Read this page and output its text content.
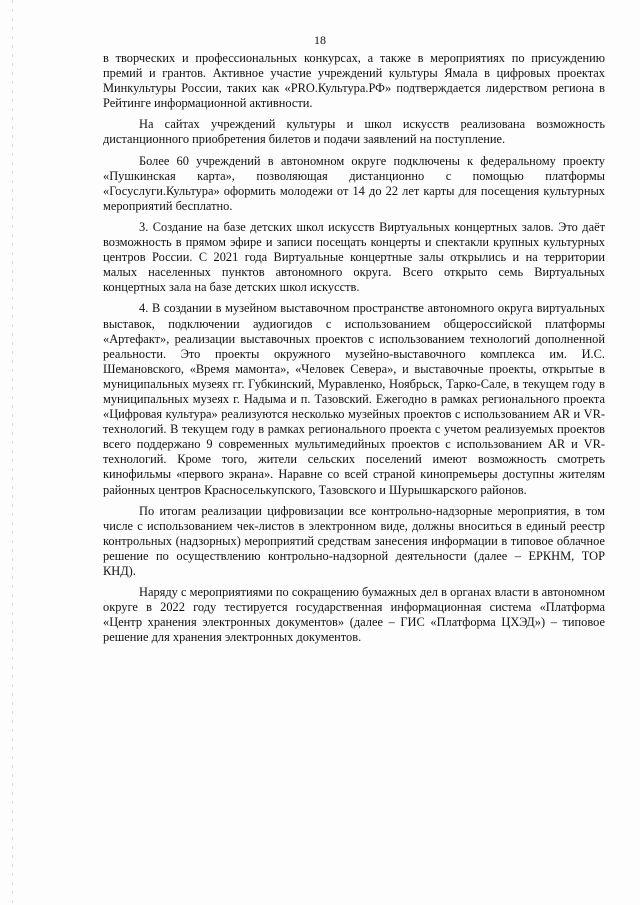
18

в творческих и профессиональных конкурсах, а также в мероприятиях по присуждению премий и грантов. Активное участие учреждений культуры Ямала в цифровых проектах Минкультуры России, таких как «PRO.Культура.РФ» подтверждается лидерством региона в Рейтинге информационной активности.

На сайтах учреждений культуры и школ искусств реализована возможность дистанционного приобретения билетов и подачи заявлений на поступление.

Более 60 учреждений в автономном округе подключены к федеральному проекту «Пушкинская карта», позволяющая дистанционно с помощью платформы «Госуслуги.Культура» оформить молодежи от 14 до 22 лет карты для посещения культурных мероприятий бесплатно.

3. Создание на базе детских школ искусств Виртуальных концертных залов. Это даёт возможность в прямом эфире и записи посещать концерты и спектакли крупных культурных центров России. С 2021 года Виртуальные концертные залы открылись и на территории малых населенных пунктов автономного округа. Всего открыто семь Виртуальных концертных зала на базе детских школ искусств.

4. В создании в музейном выставочном пространстве автономного округа виртуальных выставок, подключении аудиогидов с использованием общероссийской платформы «Артефакт», реализации выставочных проектов с использованием технологий дополненной реальности. Это проекты окружного музейно-выставочного комплекса им. И.С. Шемановского, «Время мамонта», «Человек Севера», и выставочные проекты, открытые в муниципальных музеях гг. Губкинский, Муравленко, Ноябрьск, Тарко-Сале, в текущем году в муниципальных музеях г. Надыма и п. Тазовский. Ежегодно в рамках регионального проекта «Цифровая культура» реализуются несколько музейных проектов с использованием AR и VR-технологий. В текущем году в рамках регионального проекта с учетом реализуемых проектов всего поддержано 9 современных мультимедийных проектов с использованием AR и VR-технологий. Кроме того, жители сельских поселений имеют возможность смотреть кинофильмы «первого экрана». Наравне со всей страной кинопремьеры доступны жителям районных центров Красноселькупского, Тазовского и Шурышкарского районов.

По итогам реализации цифровизации все контрольно-надзорные мероприятия, в том числе с использованием чек-листов в электронном виде, должны вноситься в единый реестр контрольных (надзорных) мероприятий средствам занесения информации в типовое облачное решение по осуществлению контрольно-надзорной деятельности (далее – ЕРКНМ, ТОР КНД).

Наряду с мероприятиями по сокращению бумажных дел в органах власти в автономном округе в 2022 году тестируется государственная информационная система «Платформа «Центр хранения электронных документов» (далее – ГИС «Платформа ЦХЭД») – типовое решение для хранения электронных документов.
